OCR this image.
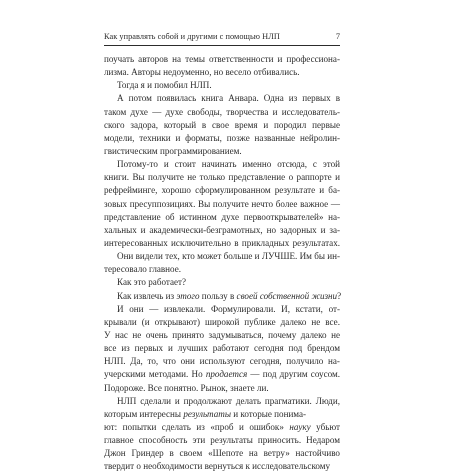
Как управлять собой и другими с помощью НЛП	7
поучать авторов на темы ответственности и профессиона-
лизма. Авторы недоуменно, но весело отбивались.
Тогда я и помобил НЛП.
А потом появилась книга Анвара. Одна из первых в
таком духе — духе свободы, творчества и исследователь-
ского задора, который в свое время и породил первые
модели, техники и форматы, позже названные нейролин-
гвистическим программированием.
Потому-то и стоит начинать именно отсюда, с этой
книги. Вы получите не только представление о раппорте и
рефрейминге, хорошо сформулированном результате и ба-
зовых пресуппозициях. Вы получите нечто более важное —
представление об истинном духе первооткрывателей» на-
хальных и академически-безграмотных, но задорных и за-
интересованных исключительно в прикладных результатах.
Они видели тех, кто может больше и ЛУЧШЕ. Им бы ин-
тересовало главное.
Как это работает?
Как извлечь из этого пользу в своей собственной жизни?
И они — извлекали. Формулировали. И, кстати, от-
крывали (и открывают) широкой публике далеко не все.
У нас не очень принято задумываться, почему далеко не
все из первых и лучших работают сегодня под брендом
НЛП. Да, то, что они используют сегодня, получило на-
учерскими методами. Но продается — под другим соусом.
Подороже. Все понятно. Рынок, знаете ли.
НЛП сделали и продолжают делать прагматики. Люди,
которым интересны результаты и которые понима-
ют: попытки сделать из «проб и ошибок» науку убьют
главное способность эти результаты приносить. Недаром
Джон Гриндер в своем «Шепоте на ветру» настойчиво
твердит о необходимости вернуться к исследовательскому
